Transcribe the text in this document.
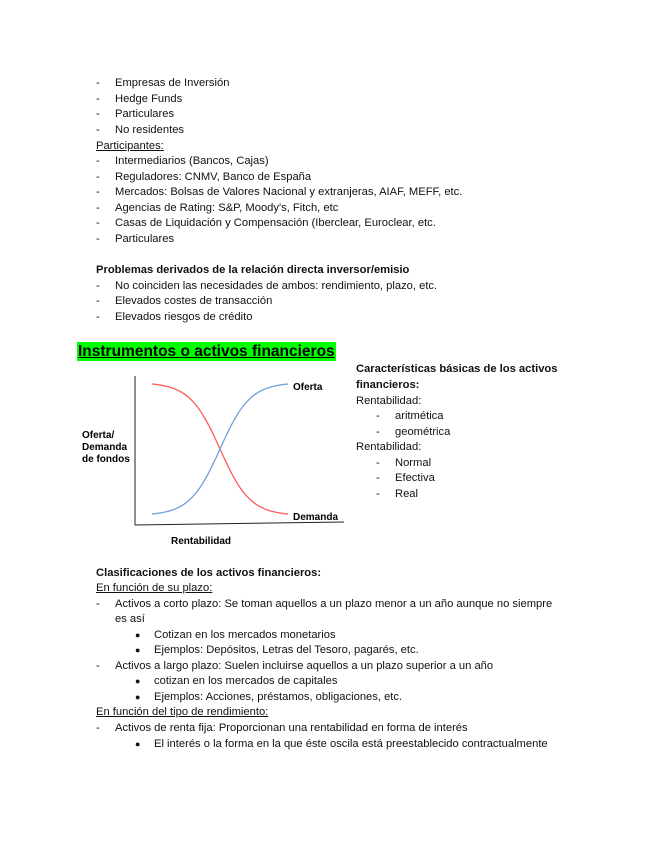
- Empresas de Inversión
- Hedge Funds
- Particulares
- No residentes
Participantes:
- Intermediarios (Bancos, Cajas)
- Reguladores: CNMV, Banco de España
- Mercados: Bolsas de Valores Nacional y extranjeras, AIAF, MEFF, etc.
- Agencias de Rating: S&P, Moody's, Fitch, etc
- Casas de Liquidación y Compensación (Iberclear, Euroclear, etc.
- Particulares
Problemas derivados de la relación directa inversor/emisio
- No coinciden las necesidades de ambos: rendimiento, plazo, etc.
- Elevados costes de transacción
- Elevados riesgos de crédito
Instrumentos o activos financieros
Oferta
Demanda
Oferta/
Demanda
de fondos
Rentabilidad
Características básicas de los activos
financieros:
Rentabilidad:
- aritmética
- geométrica
Rentabilidad:
- Normal
- Efectiva
- Real
Clasificaciones de los activos financieros:
En función de su plazo:
- Activos a corto plazo: Se toman aquellos a un plazo menor a un año aunque no siempre
es así
● Cotizan en los mercados monetarios
● Ejemplos: Depósitos, Letras del Tesoro, pagarés, etc.
- Activos a largo plazo: Suelen incluirse aquellos a un plazo superior a un año
● cotizan en los mercados de capitales
● Ejemplos: Acciones, préstamos, obligaciones, etc.
En función del tipo de rendimiento:
- Activos de renta fija: Proporcionan una rentabilidad en forma de interés
● El interés o la forma en la que éste oscila está preestablecido contractualmente
